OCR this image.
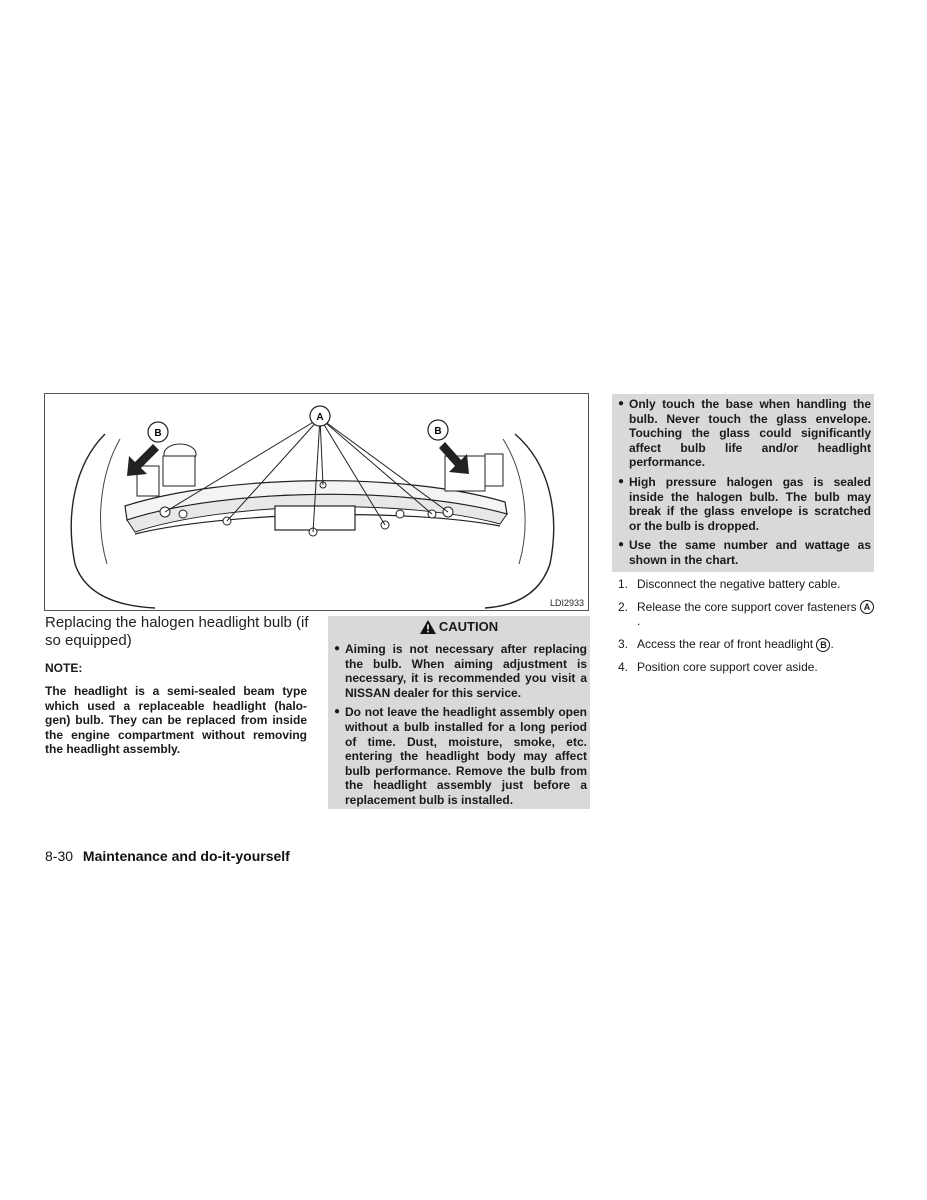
A
B	B
LDI2933
Replacing the halogen headlight bulb (if so equipped)

NOTE:

The headlight is a semi-sealed beam type which used a replaceable headlight (halo-gen) bulb. They can be replaced from inside the engine compartment without removing the headlight assembly.

CAUTION
● Aiming is not necessary after replacing the bulb. When aiming adjustment is necessary, it is recommended you visit a NISSAN dealer for this service.
● Do not leave the headlight assembly open without a bulb installed for a long period of time. Dust, moisture, smoke, etc. entering the headlight body may affect bulb performance. Remove the bulb from the headlight assembly just before a replacement bulb is installed.
● Only touch the base when handling the bulb. Never touch the glass envelope. Touching the glass could significantly affect bulb life and/or headlight performance.
● High pressure halogen gas is sealed inside the halogen bulb. The bulb may break if the glass envelope is scratched or the bulb is dropped.
● Use the same number and wattage as shown in the chart.
1. Disconnect the negative battery cable.
2. Release the core support cover fasteners A.
3. Access the rear of front headlight B .
4. Position core support cover aside.
8-30 Maintenance and do-it-yourself
